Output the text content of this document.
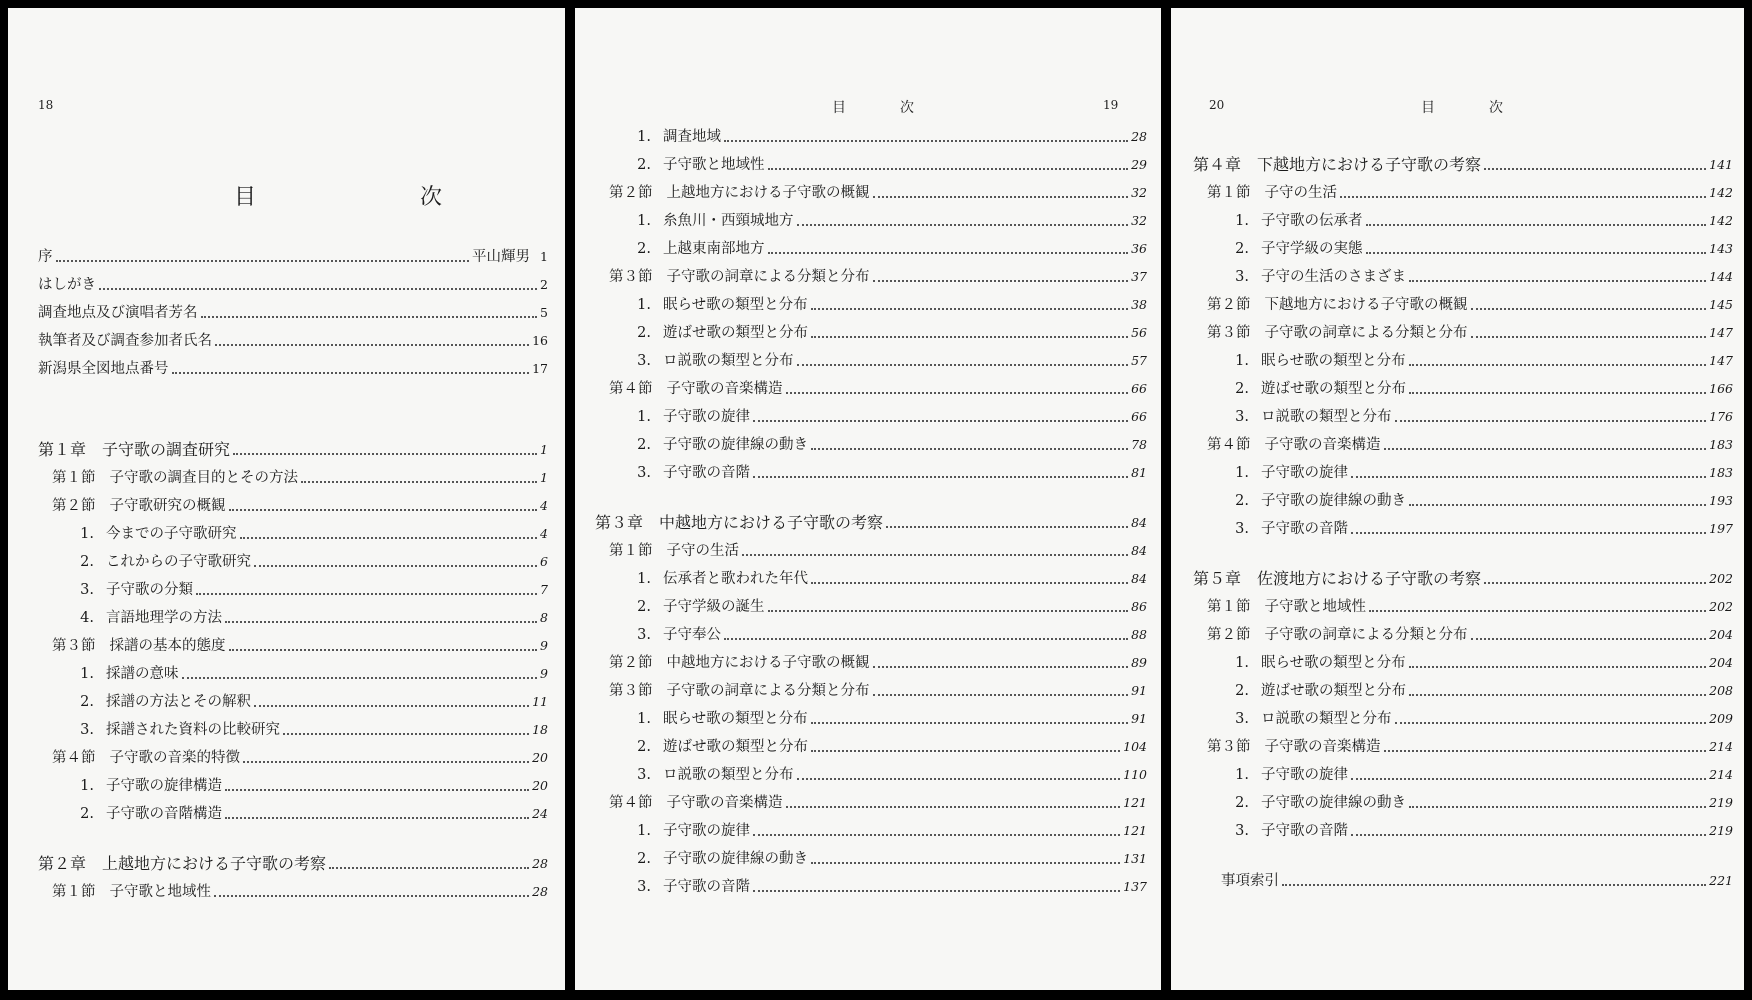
18
目　　次
序	平山輝男 1
はしがき	2
調査地点及び演唱者芳名	5
執筆者及び調査参加者氏名	16
新潟県全図地点番号	17
第１章 子守歌の調査研究	1
第１節 子守歌の調査目的とその方法	1
第２節 子守歌研究の概観	4
1. 今までの子守歌研究	4
2. これからの子守歌研究	6
3. 子守歌の分類	7
4. 言語地理学の方法	8
第３節 採譜の基本的態度	9
1. 採譜の意味	9
2. 採譜の方法とその解釈	11
3. 採譜された資料の比較研究	18
第４節 子守歌の音楽的特徴	20
1. 子守歌の旋律構造	20
2. 子守歌の音階構造	24
第２章 上越地方における子守歌の考察	28
第１節 子守歌と地域性	28
目　次	19
1. 調査地域	28
2. 子守歌と地域性	29
第２節 上越地方における子守歌の概観	32
1. 糸魚川・西頸城地方	32
2. 上越東南部地方	36
第３節 子守歌の詞章による分類と分布	37
1. 眠らせ歌の類型と分布	38
2. 遊ばせ歌の類型と分布	56
3. ロ説歌の類型と分布	57
第４節 子守歌の音楽構造	66
1. 子守歌の旋律	66
2. 子守歌の旋律線の動き	78
3. 子守歌の音階	81
第３章 中越地方における子守歌の考察	84
第１節 子守の生活	84
1. 伝承者と歌われた年代	84
2. 子守学級の誕生	86
3. 子守奉公	88
第２節 中越地方における子守歌の概観	89
第３節 子守歌の詞章による分類と分布	91
1. 眠らせ歌の類型と分布	91
2. 遊ばせ歌の類型と分布	104
3. ロ説歌の類型と分布	110
第４節 子守歌の音楽構造	121
1. 子守歌の旋律	121
2. 子守歌の旋律線の動き	131
3. 子守歌の音階	137
20	目　次
第４章 下越地方における子守歌の考察	141
第１節 子守の生活	142
1. 子守歌の伝承者	142
2. 子守学級の実態	143
3. 子守の生活のさまざま	144
第２節 下越地方における子守歌の概観	145
第３節 子守歌の詞章による分類と分布	147
1. 眠らせ歌の類型と分布	147
2. 遊ばせ歌の類型と分布	166
3. ロ説歌の類型と分布	176
第４節 子守歌の音楽構造	183
1. 子守歌の旋律	183
2. 子守歌の旋律線の動き	193
3. 子守歌の音階	197
第５章 佐渡地方における子守歌の考察	202
第１節 子守歌と地域性	202
第２節 子守歌の詞章による分類と分布	204
1. 眠らせ歌の類型と分布	204
2. 遊ばせ歌の類型と分布	208
3. ロ説歌の類型と分布	209
第３節 子守歌の音楽構造	214
1. 子守歌の旋律	214
2. 子守歌の旋律線の動き	219
3. 子守歌の音階	219
事項索引	221
